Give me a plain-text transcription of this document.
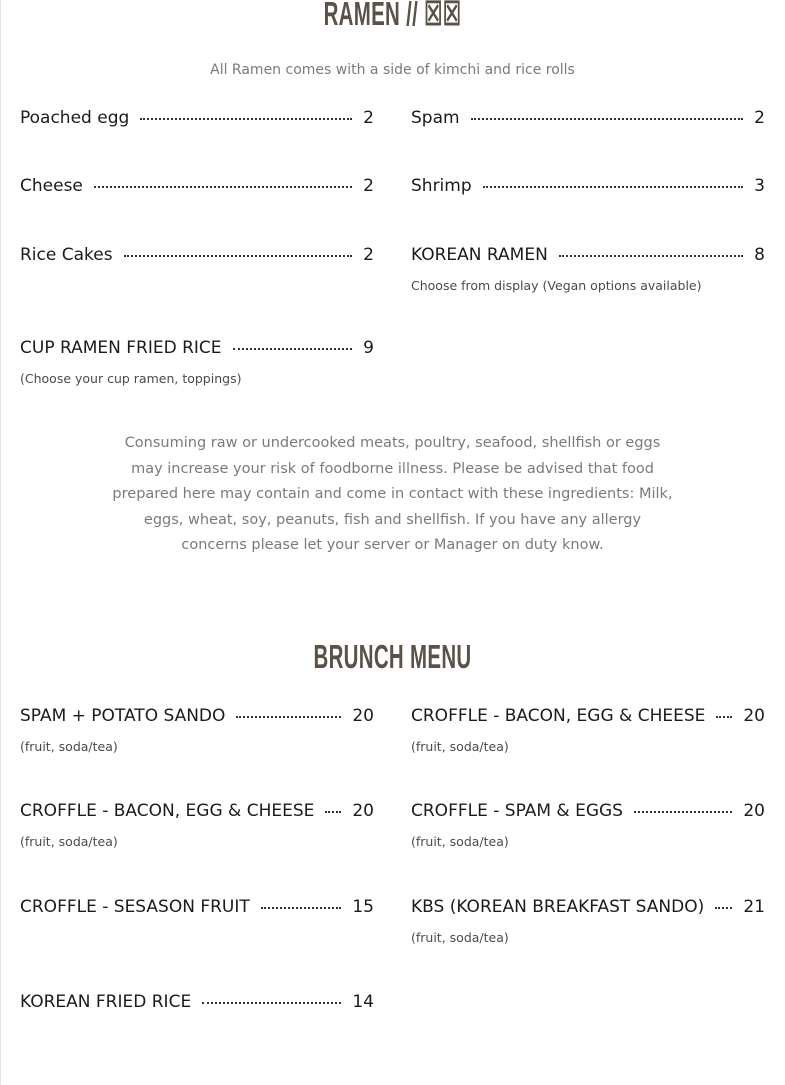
RAMEN // ☒☒
All Ramen comes with a side of kimchi and rice rolls
Poached egg	2 Spam	2
Cheese	2 Shrimp	3
Rice Cakes	2 KOREAN RAMEN	8
Choose from display (Vegan options available)
CUP RAMEN FRIED RICE	9
(Choose your cup ramen, toppings)
Consuming raw or undercooked meats, poultry, seafood, shellfish or eggs may increase your risk of foodborne illness. Please be advised that food prepared here may contain and come in contact with these ingredients: Milk, eggs, wheat, soy, peanuts, fish and shellfish. If you have any allergy concerns please let your server or Manager on duty know.
BRUNCH MENU
SPAM + POTATO SANDO	20
(fruit, soda/tea)
CROFFLE - BACON, EGG & CHEESE 20
(fruit, soda/tea)
CROFFLE - BACON, EGG & CHEESE 20
(fruit, soda/tea)
CROFFLE - SPAM & EGGS	20
(fruit, soda/tea)
CROFFLE - SESASON FRUIT	15 KBS (KOREAN BREAKFAST SANDO) 21
(fruit, soda/tea)
KOREAN FRIED RICE	14
